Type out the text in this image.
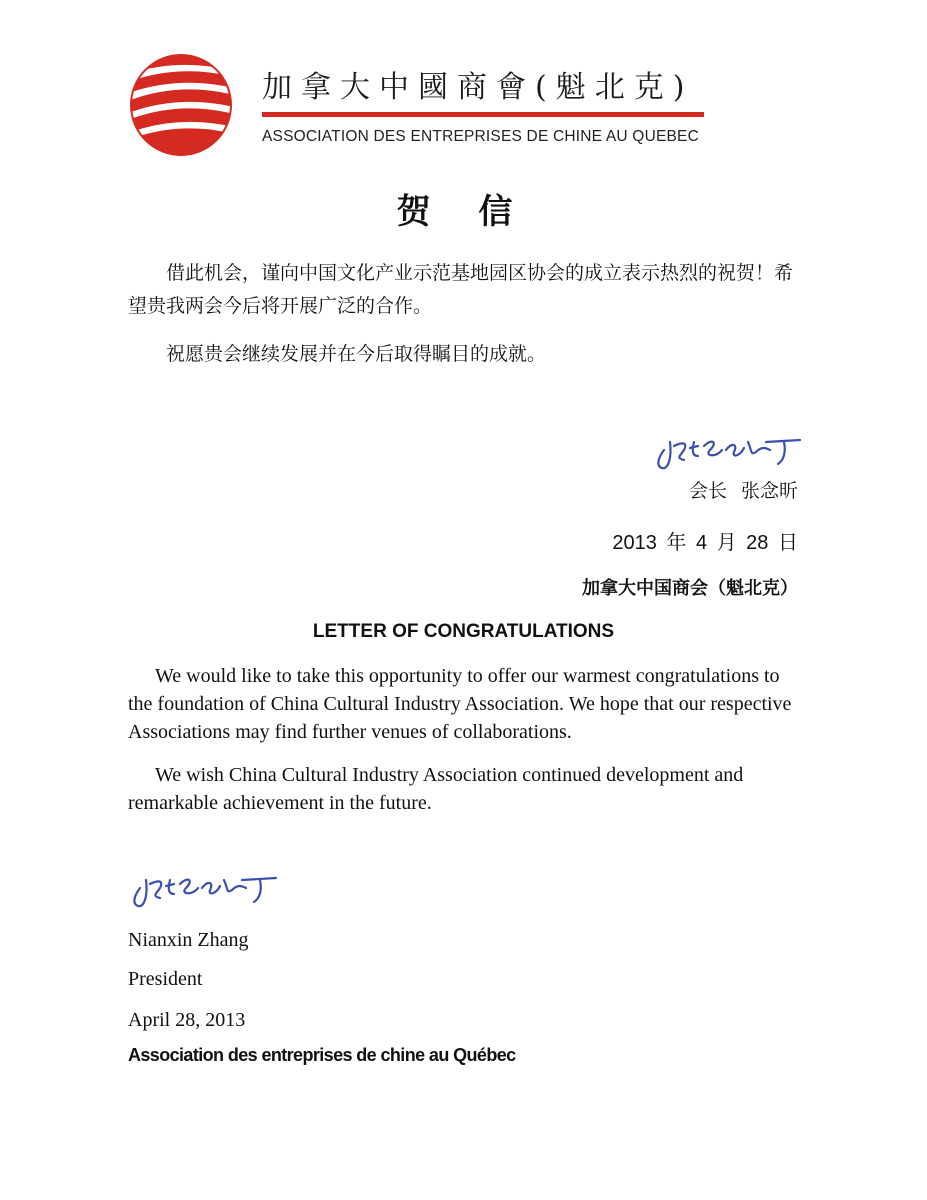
加拿大中國商會(魁北克)
ASSOCIATION DES ENTREPRISES DE CHINE AU QUEBEC
贺 信
借此机会，谨向中国文化产业示范基地园区协会的成立表示热烈的祝贺！希望贵我两会今后将开展广泛的合作。
祝愿贵会继续发展并在今后取得瞩目的成就。
会长 张念昕
2013 年 4 月 28 日
加拿大中国商会（魁北克）
LETTER OF CONGRATULATIONS
We would like to take this opportunity to offer our warmest congratulations to the foundation of China Cultural Industry Association. We hope that our respective Associations may find further venues of collaborations.
We wish China Cultural Industry Association continued development and remarkable achievement in the future.
Nianxin Zhang
President
April 28, 2013
Association des entreprises de chine au Québec
